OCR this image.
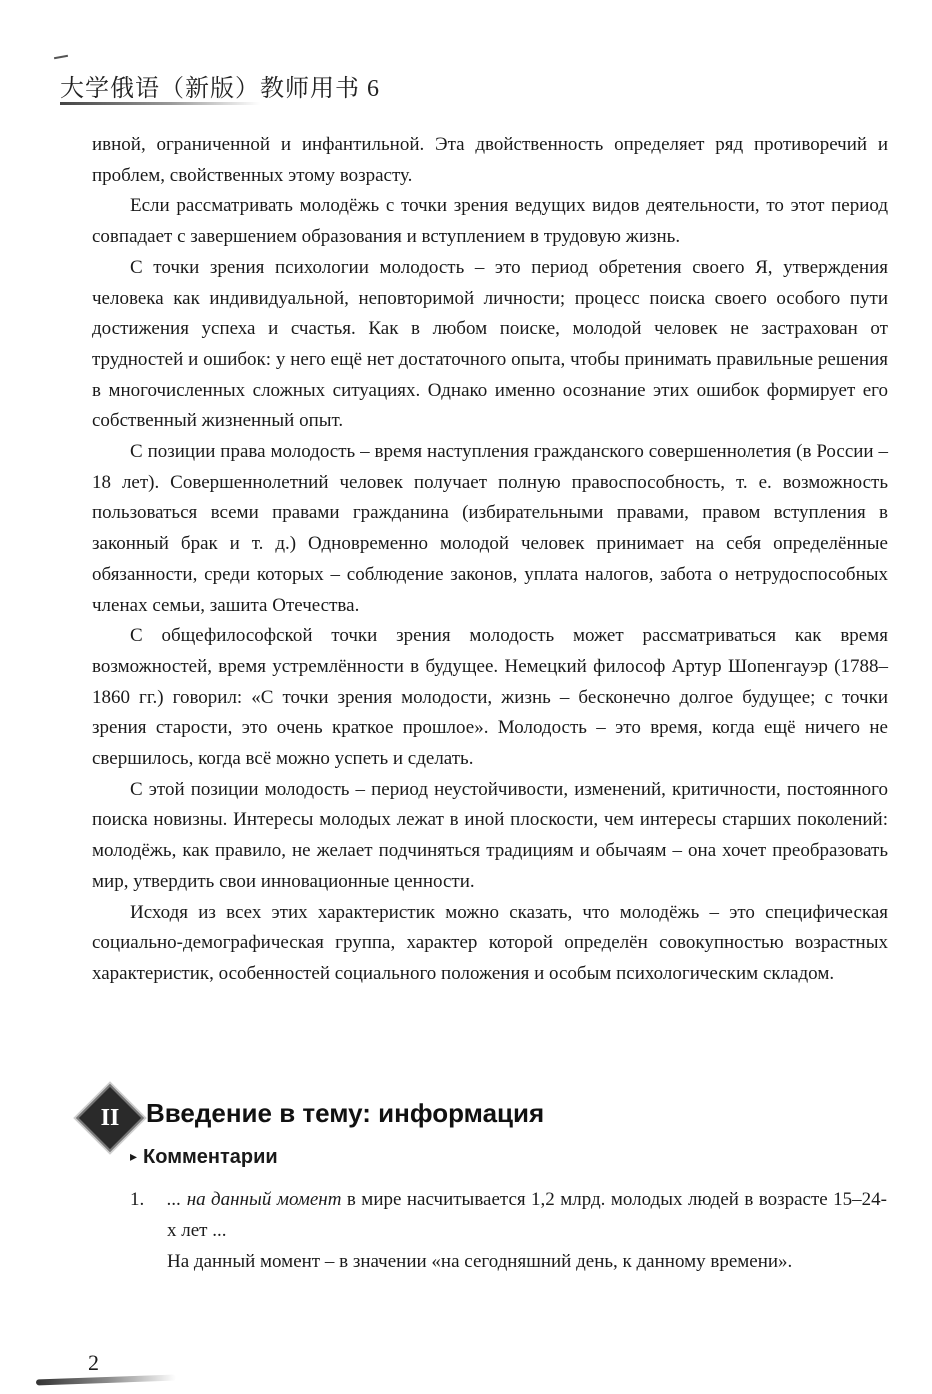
大学俄语（新版）教师用书 6

ивной, ограниченной и инфантильной. Эта двойственность определяет ряд противоречий и проблем, свойственных этому возрасту.

Если рассматривать молодёжь с точки зрения ведущих видов деятельности, то этот период совпадает с завершением образования и вступлением в трудовую жизнь.

С точки зрения психологии молодость – это период обретения своего Я, утверждения человека как индивидуальной, неповторимой личности; процесс поиска своего особого пути достижения успеха и счастья. Как в любом поиске, молодой человек не застрахован от трудностей и ошибок: у него ещё нет достаточного опыта, чтобы принимать правильные решения в многочисленных сложных ситуациях. Однако именно осознание этих ошибок формирует его собственный жизненный опыт.

С позиции права молодость – время наступления гражданского совершеннолетия (в России – 18 лет). Совершеннолетний человек получает полную правоспособность, т. е. возможность пользоваться всеми правами гражданина (избирательными правами, правом вступления в законный брак и т. д.) Одновременно молодой человек принимает на себя определённые обязанности, среди которых – соблюдение законов, уплата налогов, забота о нетрудоспособных членах семьи, зашита Отечества.

С общефилософской точки зрения молодость может рассматриваться как время возможностей, время устремлённости в будущее. Немецкий философ Артур Шопенгауэр (1788–1860 гг.) говорил: «С точки зрения молодости, жизнь – бесконечно долгое будущее; с точки зрения старости, это очень краткое прошлое». Молодость – это время, когда ещё ничего не свершилось, когда всё можно успеть и сделать.

С этой позиции молодость – период неустойчивости, изменений, критичности, постоянного поиска новизны. Интересы молодых лежат в иной плоскости, чем интересы старших поколений: молодёжь, как правило, не желает подчиняться традициям и обычаям – она хочет преобразовать мир, утвердить свои инновационные ценности.

Исходя из всех этих характеристик можно сказать, что молодёжь – это специфическая социально-демографическая группа, характер которой определён совокупностью возрастных характеристик, особенностей социального положения и особым психологическим складом.

II	Введение в тему: информация
▸ Комментарии
1. ... на данный момент в мире насчитывается 1,2 млрд. молодых людей в возрасте 15–24-х лет ...
На данный момент – в значении «на сегодняшний день, к данному времени».
2
